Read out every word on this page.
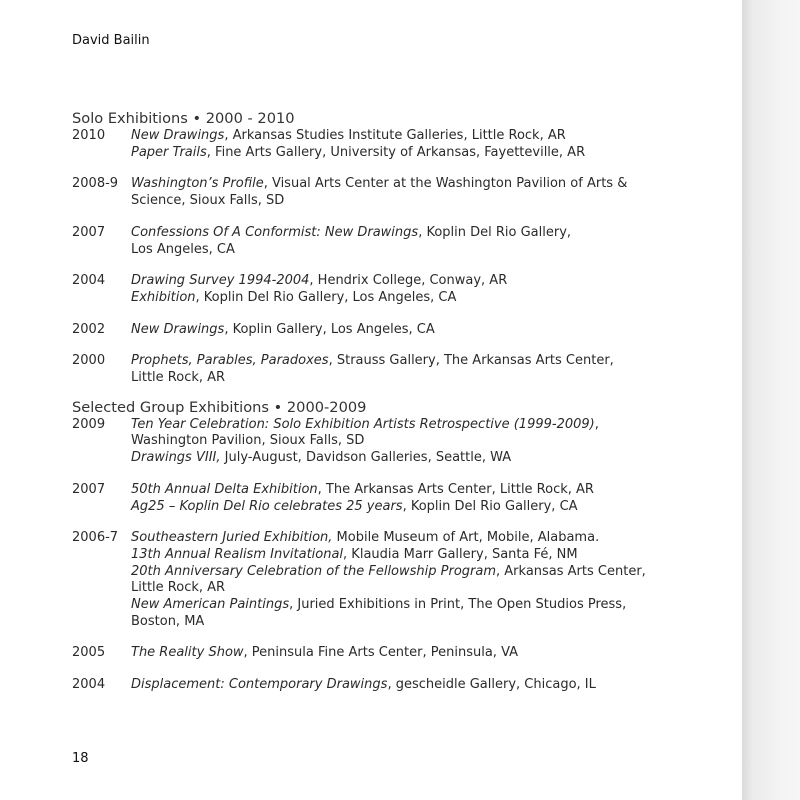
David Bailin
Solo Exhibitions • 2000 - 2010
2010	New Drawings, Arkansas Studies Institute Galleries, Little Rock, AR
Paper Trails, Fine Arts Gallery, University of Arkansas, Fayetteville, AR
2008-9 Washington’s Profile, Visual Arts Center at the Washington Pavilion of Arts &
Science, Sioux Falls, SD
2007	Confessions Of A Conformist: New Drawings, Koplin Del Rio Gallery,
Los Angeles, CA
2004	Drawing Survey 1994-2004, Hendrix College, Conway, AR
Exhibition, Koplin Del Rio Gallery, Los Angeles, CA
2002	New Drawings, Koplin Gallery, Los Angeles, CA
2000	Prophets, Parables, Paradoxes, Strauss Gallery, The Arkansas Arts Center,
Little Rock, AR
Selected Group Exhibitions • 2000-2009
2009	Ten Year Celebration: Solo Exhibition Artists Retrospective (1999-2009),
Washington Pavilion, Sioux Falls, SD
Drawings VIII, July-August, Davidson Galleries, Seattle, WA
2007	50th Annual Delta Exhibition, The Arkansas Arts Center, Little Rock, AR
Ag25 – Koplin Del Rio celebrates 25 years, Koplin Del Rio Gallery, CA
2006-7 Southeastern Juried Exhibition, Mobile Museum of Art, Mobile, Alabama.
13th Annual Realism Invitational, Klaudia Marr Gallery, Santa Fé, NM
20th Anniversary Celebration of the Fellowship Program, Arkansas Arts Center,
Little Rock, AR
New American Paintings, Juried Exhibitions in Print, The Open Studios Press,
Boston, MA
2005	The Reality Show, Peninsula Fine Arts Center, Peninsula, VA
2004	Displacement: Contemporary Drawings, gescheidle Gallery, Chicago, IL
18
